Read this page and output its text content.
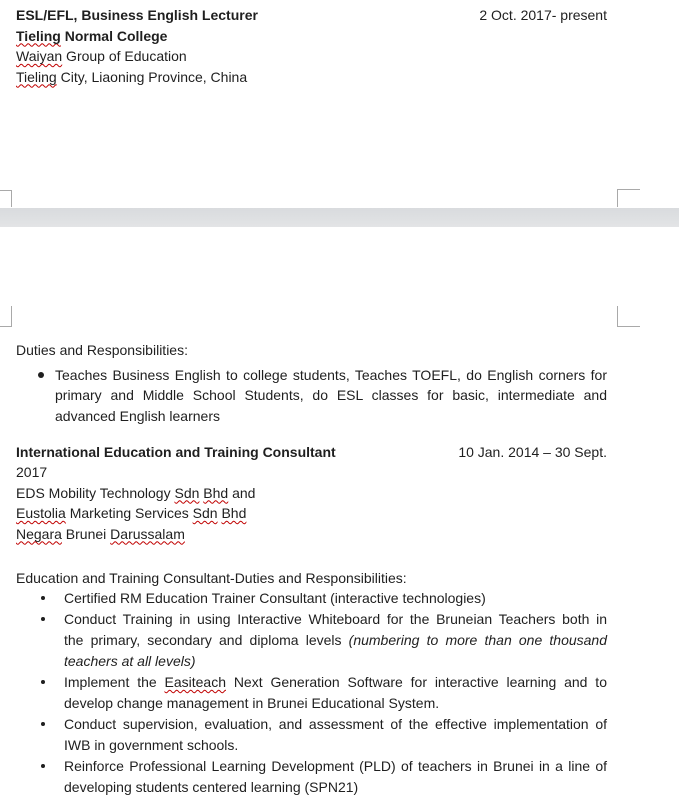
ESL/EFL, Business English Lecturer	2 Oct. 2017- present
Tieling Normal College
Waiyan Group of Education
Tieling City, Liaoning Province, China
Duties and Responsibilities:
Teaches Business English to college students, Teaches TOEFL, do English corners for
primary and Middle School Students, do ESL classes for basic, intermediate and
advanced English learners
International Education and Training Consultant	10 Jan. 2014 – 30 Sept.
2017
EDS Mobility Technology Sdn Bhd and
Eustolia Marketing Services Sdn Bhd
Negara Brunei Darussalam
Education and Training Consultant-Duties and Responsibilities:
Certified RM Education Trainer Consultant (interactive technologies)
Conduct Training in using Interactive Whiteboard for the Bruneian Teachers both in
the primary, secondary and diploma levels (numbering to more than one thousand
teachers at all levels)
Implement the Easiteach Next Generation Software for interactive learning and to
develop change management in Brunei Educational System.
Conduct supervision, evaluation, and assessment of the effective implementation of
IWB in government schools.
Reinforce Professional Learning Development (PLD) of teachers in Brunei in a line of
developing students centered learning (SPN21)
